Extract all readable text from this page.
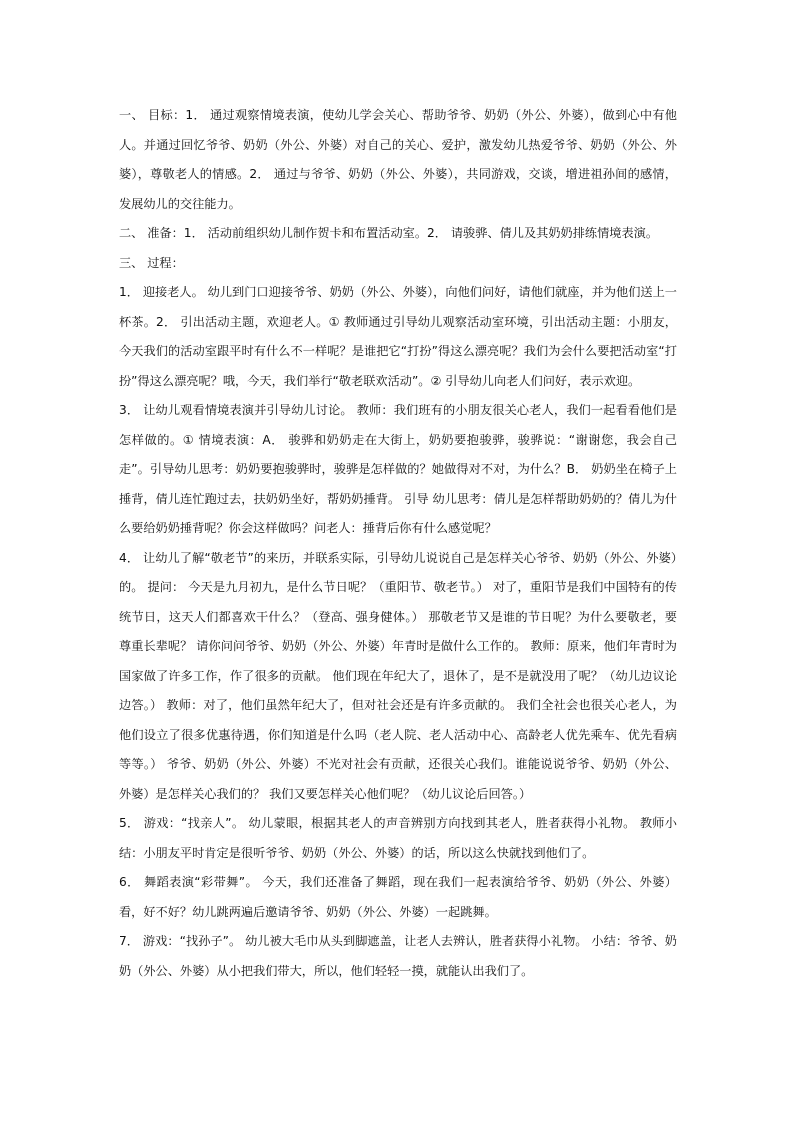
一、 目标：1． 通过观察情境表演，使幼儿学会关心、帮助爷爷、奶奶（外公、外婆），做到心中有他人。并通过回忆爷爷、奶奶（外公、外婆）对自己的关心、爱护，激发幼儿热爱爷爷、奶奶（外公、外婆），尊敬老人的情感。2． 通过与爷爷、奶奶（外公、外婆），共同游戏，交谈，增进祖孙间的感情，发展幼儿的交往能力。

二、 准备：1． 活动前组织幼儿制作贺卡和布置活动室。2． 请骏骅、倩儿及其奶奶排练情境表演。

三、 过程：

1． 迎接老人。 幼儿到门口迎接爷爷、奶奶（外公、外婆），向他们问好，请他们就座，并为他们送上一杯茶。2． 引出活动主题，欢迎老人。① 教师通过引导幼儿观察活动室环境，引出活动主题：小朋友，今天我们的活动室跟平时有什么不一样呢？是谁把它“打扮”得这么漂亮呢？我们为会什么要把活动室“打扮”得这么漂亮呢？哦，今天，我们举行“敬老联欢活动”。② 引导幼儿向老人们问好，表示欢迎。

3． 让幼儿观看情境表演并引导幼儿讨论。 教师：我们班有的小朋友很关心老人，我们一起看看他们是怎样做的。① 情境表演：A． 骏骅和奶奶走在大街上，奶奶要抱骏骅，骏骅说：“谢谢您，我会自己走”。引导幼儿思考：奶奶要抱骏骅时，骏骅是怎样做的？她做得对不对，为什么？B． 奶奶坐在椅子上捶背，倩儿连忙跑过去，扶奶奶坐好，帮奶奶捶背。 引导 幼儿思考：倩儿是怎样帮助奶奶的？倩儿为什么要给奶奶捶背呢？你会这样做吗？问老人：捶背后你有什么感觉呢？

4． 让幼儿了解“敬老节”的来历，并联系实际，引导幼儿说说自己是怎样关心爷爷、奶奶（外公、外婆）的。 提问： 今天是九月初九，是什么节日呢？（重阳节、敬老节。） 对了，重阳节是我们中国特有的传统节日，这天人们都喜欢干什么？（登高、强身健体。） 那敬老节又是谁的节日呢？为什么要敬老，要尊重长辈呢？ 请你问问爷爷、奶奶（外公、外婆）年青时是做什么工作的。 教师：原来，他们年青时为国家做了许多工作，作了很多的贡献。 他们现在年纪大了，退休了，是不是就没用了呢？（幼儿边议论边答。） 教师：对了，他们虽然年纪大了，但对社会还是有许多贡献的。 我们全社会也很关心老人，为他们设立了很多优惠待遇，你们知道是什么吗（老人院、老人活动中心、高龄老人优先乘车、优先看病等等。） 爷爷、奶奶（外公、外婆）不光对社会有贡献，还很关心我们。谁能说说爷爷、奶奶（外公、外婆）是怎样关心我们的？ 我们又要怎样关心他们呢？（幼儿议论后回答。）

5． 游戏：“找亲人”。 幼儿蒙眼，根据其老人的声音辨别方向找到其老人，胜者获得小礼物。 教师小结：小朋友平时肯定是很听爷爷、奶奶（外公、外婆）的话，所以这么快就找到他们了。

6． 舞蹈表演“彩带舞”。 今天，我们还准备了舞蹈，现在我们一起表演给爷爷、奶奶（外公、外婆）看，好不好？幼儿跳两遍后邀请爷爷、奶奶（外公、外婆）一起跳舞。

7． 游戏：“找孙子”。 幼儿被大毛巾从头到脚遮盖，让老人去辨认，胜者获得小礼物。 小结：爷爷、奶奶（外公、外婆）从小把我们带大，所以，他们轻轻一摸，就能认出我们了。
